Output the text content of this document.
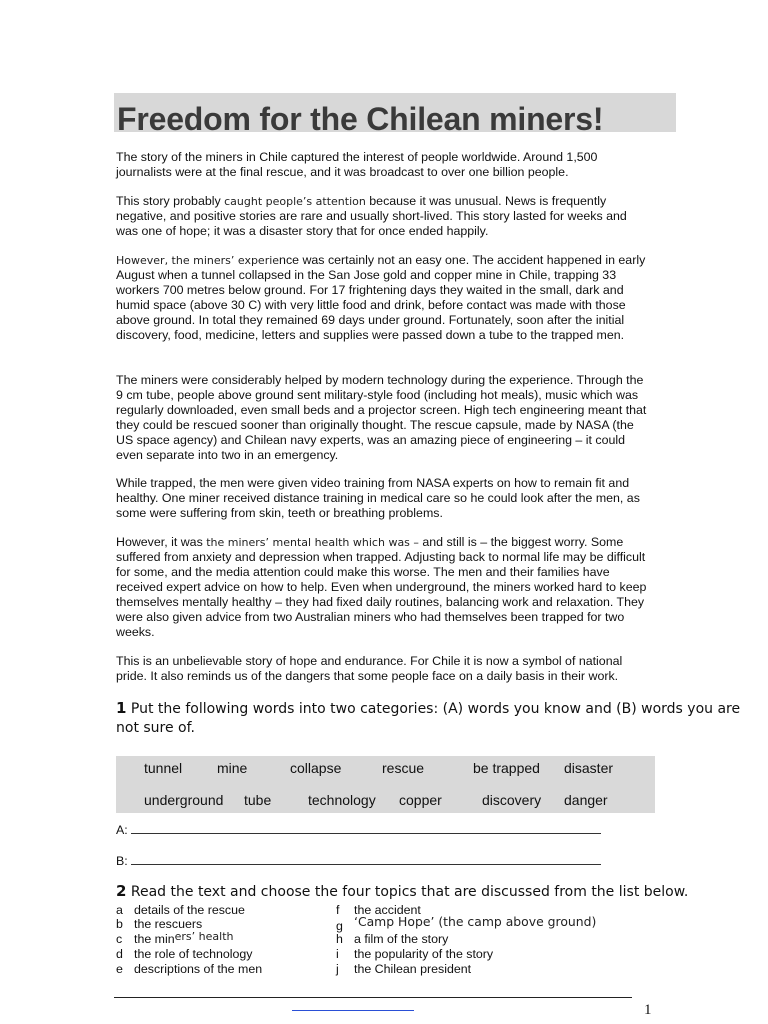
Freedom for the Chilean miners!

The story of the miners in Chile captured the interest of people worldwide. Around 1,500 journalists were at the final rescue, and it was broadcast to over one billion people.

This story probably caught people’s attention because it was unusual. News is frequently negative, and positive stories are rare and usually short-lived. This story lasted for weeks and was one of hope; it was a disaster story that for once ended happily.

However, the miners’ experience was certainly not an easy one. The accident happened in early August when a tunnel collapsed in the San Jose gold and copper mine in Chile, trapping 33 workers 700 metres below ground. For 17 frightening days they waited in the small, dark and humid space (above 30 C) with very little food and drink, before contact was made with those above ground. In total they remained 69 days under ground. Fortunately, soon after the initial discovery, food, medicine, letters and supplies were passed down a tube to the trapped men.

The miners were considerably helped by modern technology during the experience. Through the 9 cm tube, people above ground sent military-style food (including hot meals), music which was regularly downloaded, even small beds and a projector screen. High tech engineering meant that they could be rescued sooner than originally thought. The rescue capsule, made by NASA (the US space agency) and Chilean navy experts, was an amazing piece of engineering – it could even separate into two in an emergency.

While trapped, the men were given video training from NASA experts on how to remain fit and healthy. One miner received distance training in medical care so he could look after the men, as some were suffering from skin, teeth or breathing problems.

However, it was the miners’ mental health which was – and still is – the biggest worry. Some suffered from anxiety and depression when trapped. Adjusting back to normal life may be difficult for some, and the media attention could make this worse. The men and their families have received expert advice on how to help. Even when underground, the miners worked hard to keep themselves mentally healthy – they had fixed daily routines, balancing work and relaxation. They were also given advice from two Australian miners who had themselves been trapped for two weeks.

This is an unbelievable story of hope and endurance. For Chile it is now a symbol of national pride. It also reminds us of the dangers that some people face on a daily basis in their work.

1 Put the following words into two categories: (A) words you know and (B) words you are not sure of.

tunnel mine	collapse	rescue	be trapped disaster
underground tube	technology copper	discovery danger
A:
B:

2 Read the text and choose the four topics that are discussed from the list below.

a details of the rescue
b the rescuers
c the miners’ health
d the role of technology
e descriptions of the men
f the accident
g ‘Camp Hope’ (the camp above ground)
h a film of the story
i the popularity of the story
j the Chilean president
1
